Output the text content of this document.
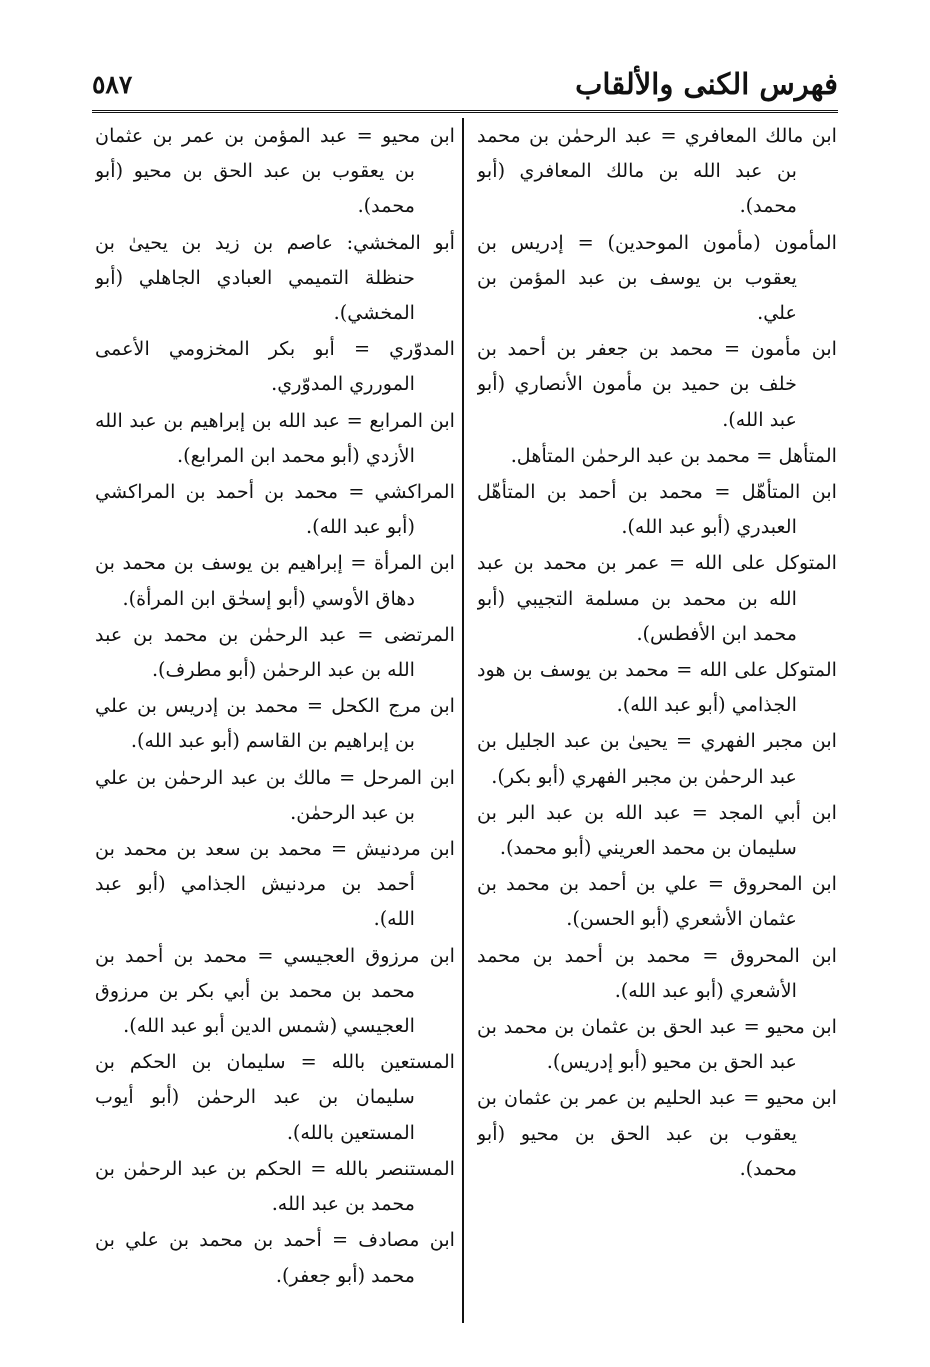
فهرس الكنى والألقاب
٥٨٧

ابن مالك المعافري = عبد الرحمٰن بن محمد بن عبد الله بن مالك المعافري (أبو محمد).

المأمون (مأمون الموحدين) = إدريس بن يعقوب بن يوسف بن عبد المؤمن بن علي.

ابن مأمون = محمد بن جعفر بن أحمد بن خلف بن حميد بن مأمون الأنصاري (أبو عبد الله).

المتأهل = محمد بن عبد الرحمٰن المتأهل.

ابن المتأهّل = محمد بن أحمد بن المتأهّل العبدري (أبو عبد الله).

المتوكل على الله = عمر بن محمد بن عبد الله بن محمد بن مسلمة التجيبي (أبو محمد ابن الأفطس).

المتوكل على الله = محمد بن يوسف بن هود الجذامي (أبو عبد الله).

ابن مجبر الفهري = يحيىٰ بن عبد الجليل بن عبد الرحمٰن بن مجبر الفهري (أبو بكر).

ابن أبي المجد = عبد الله بن عبد البر بن سليمان بن محمد العريني (أبو محمد).

ابن المحروق = علي بن أحمد بن محمد بن عثمان الأشعري (أبو الحسن).

ابن المحروق = محمد بن أحمد بن محمد الأشعري (أبو عبد الله).

ابن محيو = عبد الحق بن عثمان بن محمد بن عبد الحق بن محيو (أبو إدريس).

ابن محيو = عبد الحليم بن عمر بن عثمان بن يعقوب بن عبد الحق بن محيو (أبو محمد).

ابن محيو = عبد المؤمن بن عمر بن عثمان بن يعقوب بن عبد الحق بن محيو (أبو محمد).

أبو المخشي: عاصم بن زيد بن يحيىٰ بن حنظلة التميمي العبادي الجاهلي (أبو المخشي).

المدوّري = أبو بكر المخزومي الأعمى المورري المدوّري.

ابن المرابع = عبد الله بن إبراهيم بن عبد الله الأزدي (أبو محمد ابن المرابع).

المراكشي = محمد بن أحمد بن المراكشي (أبو عبد الله).

ابن المرأة = إبراهيم بن يوسف بن محمد بن دهاق الأوسي (أبو إسحٰق ابن المرأة).

المرتضى = عبد الرحمٰن بن محمد بن عبد الله بن عبد الرحمٰن (أبو مطرف).

ابن مرج الكحل = محمد بن إدريس بن علي بن إبراهيم بن القاسم (أبو عبد الله).

ابن المرحل = مالك بن عبد الرحمٰن بن علي بن عبد الرحمٰن.

ابن مردنيش = محمد بن سعد بن محمد بن أحمد بن مردنيش الجذامي (أبو عبد الله).

ابن مرزوق العجيسي = محمد بن أحمد بن محمد بن محمد بن أبي بكر بن مرزوق العجيسي (شمس الدين أبو عبد الله).

المستعين بالله = سليمان بن الحكم بن سليمان بن عبد الرحمٰن (أبو أيوب المستعين بالله).

المستنصر بالله = الحكم بن عبد الرحمٰن بن محمد بن عبد الله.

ابن مصادف = أحمد بن محمد بن علي بن محمد (أبو جعفر).
